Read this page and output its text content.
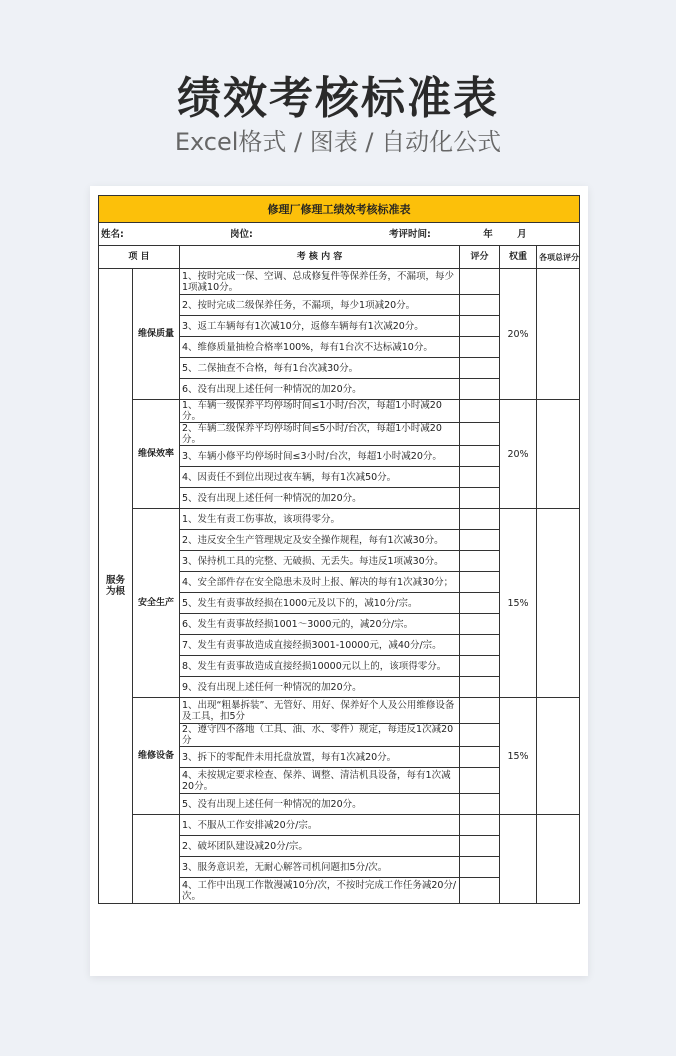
绩效考核标准表
Excel格式 / 图表 / 自动化公式
修理厂修理工绩效考核标准表					

姓名: 岗位: 考评时间: 年 月					

项 目		考 核 内 容	评分	权重	各项总评分
服务为根	维保质量	1、按时完成一保、空调、总成修复件等保养任务，不漏项，每少1项减10分。		20%	
		2、按时完成二级保养任务，不漏项，每少1项减20分。			
		3、返工车辆每有1次减10分，返修车辆每有1次减20分。			
		4、维修质量抽检合格率100%，每有1台次不达标减10分。			
		5、二保抽查不合格，每有1台次减30分。			
		6、没有出现上述任何一种情况的加20分。			
	维保效率	1、车辆一级保养平均停场时间≤1小时/台次，每超1小时减20分。		20%	
		2、车辆二级保养平均停场时间≤5小时/台次，每超1小时减20分。			
		3、车辆小修平均停场时间≤3小时/台次，每超1小时减20分。			
		4、因责任不到位出现过夜车辆，每有1次减50分。			
		5、没有出现上述任何一种情况的加20分。			
	安全生产	1、发生有责工伤事故，该项得零分。		15%	
		2、违反安全生产管理规定及安全操作规程，每有1次减30分。			
		3、保持机工具的完整、无破损、无丢失。每违反1项减30分。			
		4、安全部件存在安全隐患未及时上报、解决的每有1次减30分；			
		5、发生有责事故经损在1000元及以下的，减10分/宗。			
		6、发生有责事故经损1001～3000元的，减20分/宗。			
		7、发生有责事故造成直接经损3001-10000元，减40分/宗。			
		8、发生有责事故造成直接经损10000元以上的，该项得零分。			
		9、没有出现上述任何一种情况的加20分。			
	维修设备	1、出现“粗暴拆装”、无管好、用好、保养好个人及公用维修设备及工具，扣5分		15%	
		2、遵守四不落地（工具、油、水、零件）规定，每违反1次减20分			
		3、拆下的零配件未用托盘放置，每有1次减20分。			
		4、未按规定要求检查、保养、调整、清洁机具设备，每有1次减20分。			
		5、没有出现上述任何一种情况的加20分。			
		1、不服从工作安排减20分/宗。			
		2、破坏团队建设减20分/宗。			
		3、服务意识差，无耐心解答司机问题扣5分/次。			
		4、工作中出现工作散漫减10分/次，不按时完成工作任务减20分/次。			
